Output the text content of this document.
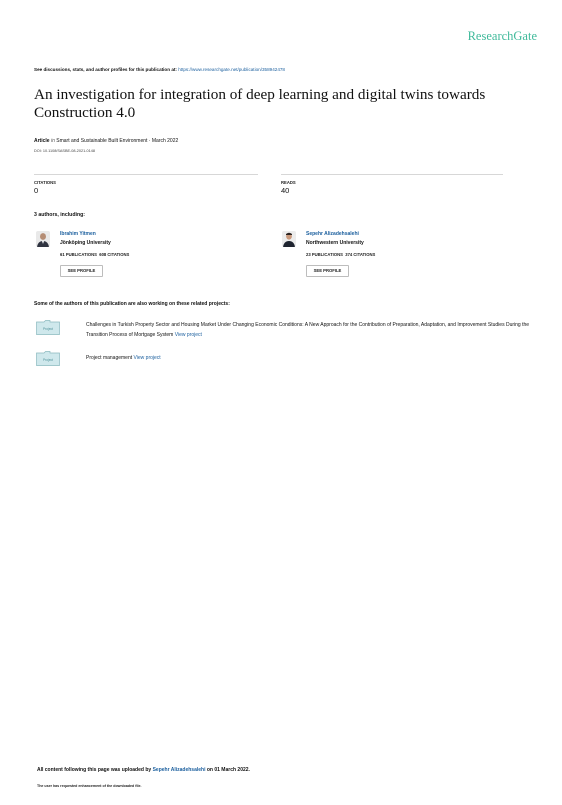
ResearchGate
See discussions, stats, and author profiles for this publication at: https://www.researchgate.net/publication/358942478
An investigation for integration of deep learning and digital twins towards Construction 4.0
Article in Smart and Sustainable Built Environment · March 2022
DOI: 10.1108/SASBE-08-2021-0148
CITATIONS
0
READS
40
3 authors, including:
Ibrahim Yitmen
Jönköping University
61 PUBLICATIONS 608 CITATIONS
SEE PROFILE
Sepehr Alizadehsalehi
Northwestern University
23 PUBLICATIONS 374 CITATIONS
SEE PROFILE
Some of the authors of this publication are also working on these related projects:
Project
Challenges in Turkish Property Sector and Housing Market Under Changing Economic Conditions: A New Approach for the Contribution of Preparation, Adaptation, and Improvement Studies During the Transition Process of Mortgage System View project
Project	Project management View project
All content following this page was uploaded by Sepehr Alizadehsalehi on 01 March 2022.
The user has requested enhancement of the downloaded file.
